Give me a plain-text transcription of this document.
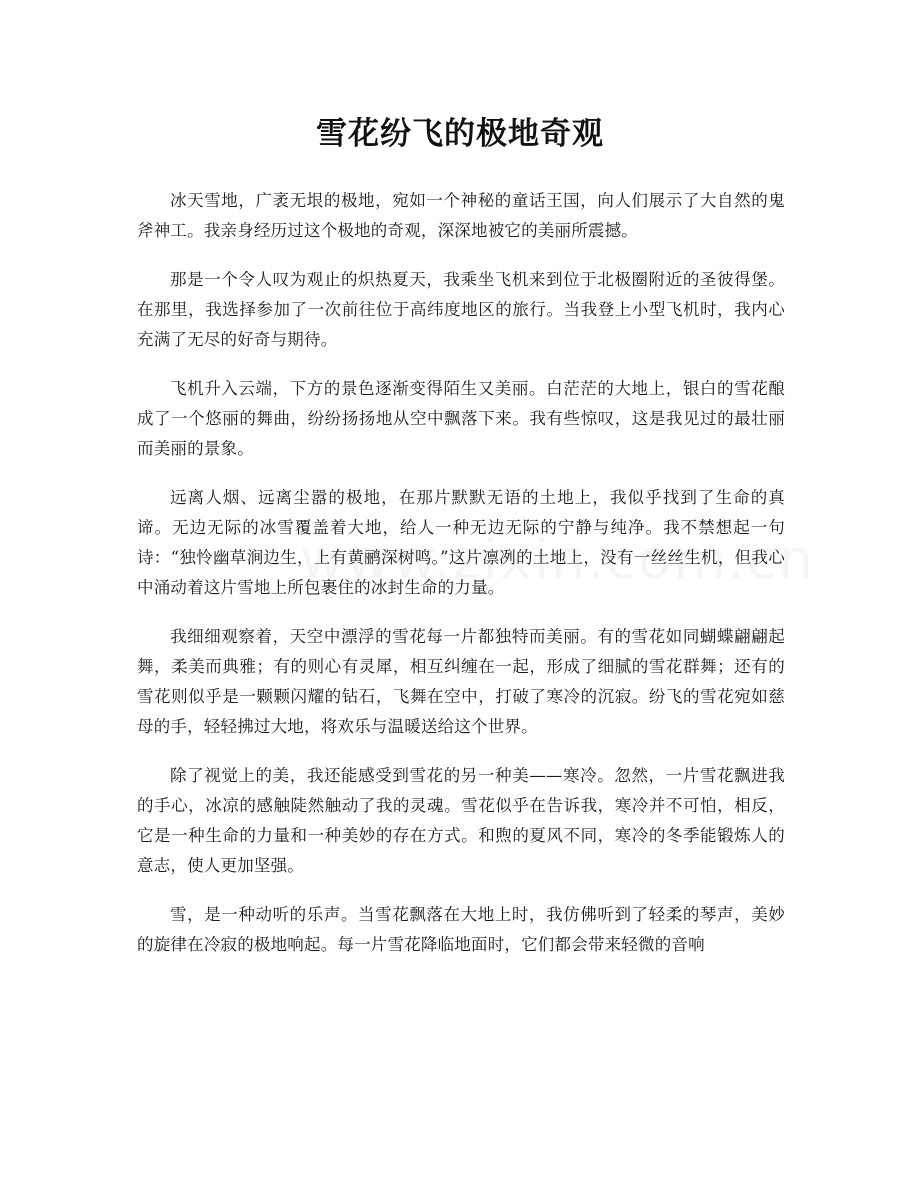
雪花纷飞的极地奇观

冰天雪地，广袤无垠的极地，宛如一个神秘的童话王国，向人们展示了大自然的鬼斧神工。我亲身经历过这个极地的奇观，深深地被它的美丽所震撼。

那是一个令人叹为观止的炽热夏天，我乘坐飞机来到位于北极圈附近的圣彼得堡。在那里，我选择参加了一次前往位于高纬度地区的旅行。当我登上小型飞机时，我内心充满了无尽的好奇与期待。

飞机升入云端，下方的景色逐渐变得陌生又美丽。白茫茫的大地上，银白的雪花酿成了一个悠丽的舞曲，纷纷扬扬地从空中飘落下来。我有些惊叹，这是我见过的最壮丽而美丽的景象。

远离人烟、远离尘嚣的极地，在那片默默无语的土地上，我似乎找到了生命的真谛。无边无际的冰雪覆盖着大地，给人一种无边无际的宁静与纯净。我不禁想起一句诗：“独怜幽草涧边生，上有黄鹂深树鸣。”这片凛冽的土地上，没有一丝丝生机，但我心中涌动着这片雪地上所包裹住的冰封生命的力量。

我细细观察着，天空中漂浮的雪花每一片都独特而美丽。有的雪花如同蝴蝶翩翩起舞，柔美而典雅；有的则心有灵犀，相互纠缠在一起，形成了细腻的雪花群舞；还有的雪花则似乎是一颗颗闪耀的钻石，飞舞在空中，打破了寒冷的沉寂。纷飞的雪花宛如慈母的手，轻轻拂过大地，将欢乐与温暖送给这个世界。

除了视觉上的美，我还能感受到雪花的另一种美——寒冷。忽然，一片雪花飘进我的手心，冰凉的感触陡然触动了我的灵魂。雪花似乎在告诉我，寒冷并不可怕，相反，它是一种生命的力量和一种美妙的存在方式。和煦的夏风不同，寒冷的冬季能锻炼人的意志，使人更加坚强。

雪，是一种动听的乐声。当雪花飘落在大地上时，我仿佛听到了轻柔的琴声，美妙的旋律在冷寂的极地响起。每一片雪花降临地面时，它们都会带来轻微的音响
